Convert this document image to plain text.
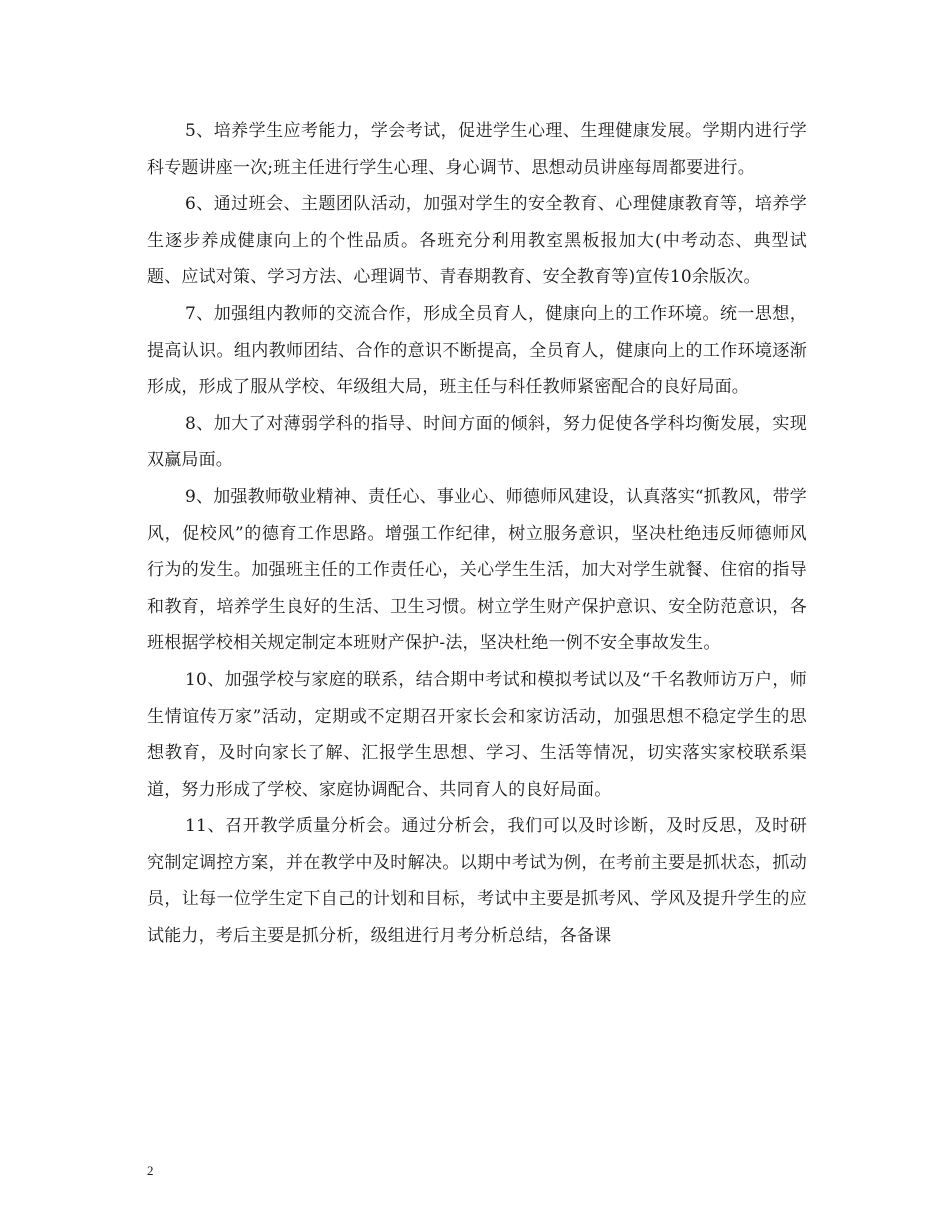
5、培养学生应考能力，学会考试，促进学生心理、生理健康发展。学期内进行学科专题讲座一次;班主任进行学生心理、身心调节、思想动员讲座每周都要进行。

6、通过班会、主题团队活动，加强对学生的安全教育、心理健康教育等，培养学生逐步养成健康向上的个性品质。各班充分利用教室黑板报加大(中考动态、典型试题、应试对策、学习方法、心理调节、青春期教育、安全教育等)宣传10余版次。

7、加强组内教师的交流合作，形成全员育人，健康向上的工作环境。统一思想，提高认识。组内教师团结、合作的意识不断提高，全员育人，健康向上的工作环境逐渐形成，形成了服从学校、年级组大局，班主任与科任教师紧密配合的良好局面。

8、加大了对薄弱学科的指导、时间方面的倾斜，努力促使各学科均衡发展，实现双赢局面。

9、加强教师敬业精神、责任心、事业心、师德师风建设，认真落实“抓教风，带学风，促校风”的德育工作思路。增强工作纪律，树立服务意识，坚决杜绝违反师德师风行为的发生。加强班主任的工作责任心，关心学生生活，加大对学生就餐、住宿的指导和教育，培养学生良好的生活、卫生习惯。树立学生财产保护意识、安全防范意识，各班根据学校相关规定制定本班财产保护-法，坚决杜绝一例不安全事故发生。

10、加强学校与家庭的联系，结合期中考试和模拟考试以及“千名教师访万户，师生情谊传万家”活动，定期或不定期召开家长会和家访活动，加强思想不稳定学生的思想教育，及时向家长了解、汇报学生思想、学习、生活等情况，切实落实家校联系渠道，努力形成了学校、家庭协调配合、共同育人的良好局面。

11、召开教学质量分析会。通过分析会，我们可以及时诊断，及时反思，及时研究制定调控方案，并在教学中及时解决。以期中考试为例，在考前主要是抓状态，抓动员，让每一位学生定下自己的计划和目标，考试中主要是抓考风、学风及提升学生的应试能力，考后主要是抓分析，级组进行月考分析总结，各备课

2
